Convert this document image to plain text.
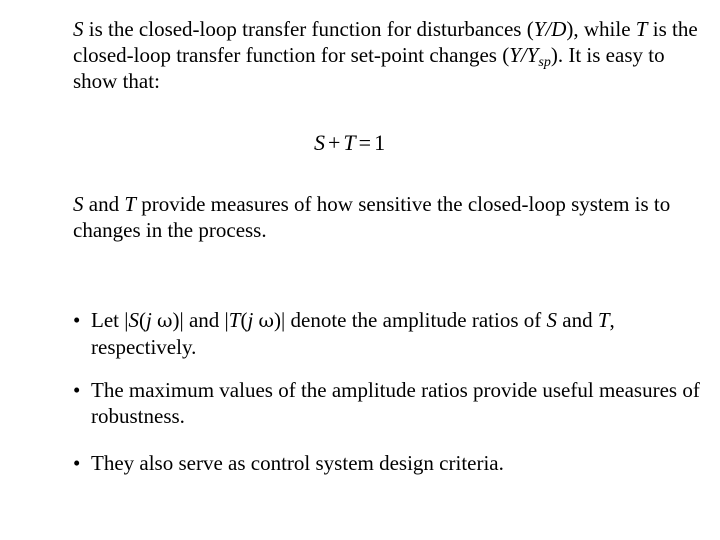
S is the closed-loop transfer function for disturbances (Y/D), while T is the closed-loop transfer function for set-point changes $(Y/Y_{sp})$. It is easy to show that:

S + T = 1

S and T provide measures of how sensitive the closed-loop system is to changes in the process.

• Let |S(j ω)| and |T(j ω)| denote the amplitude ratios of S and T, respectively.
• The maximum values of the amplitude ratios provide useful measures of robustness.
• They also serve as control system design criteria.
